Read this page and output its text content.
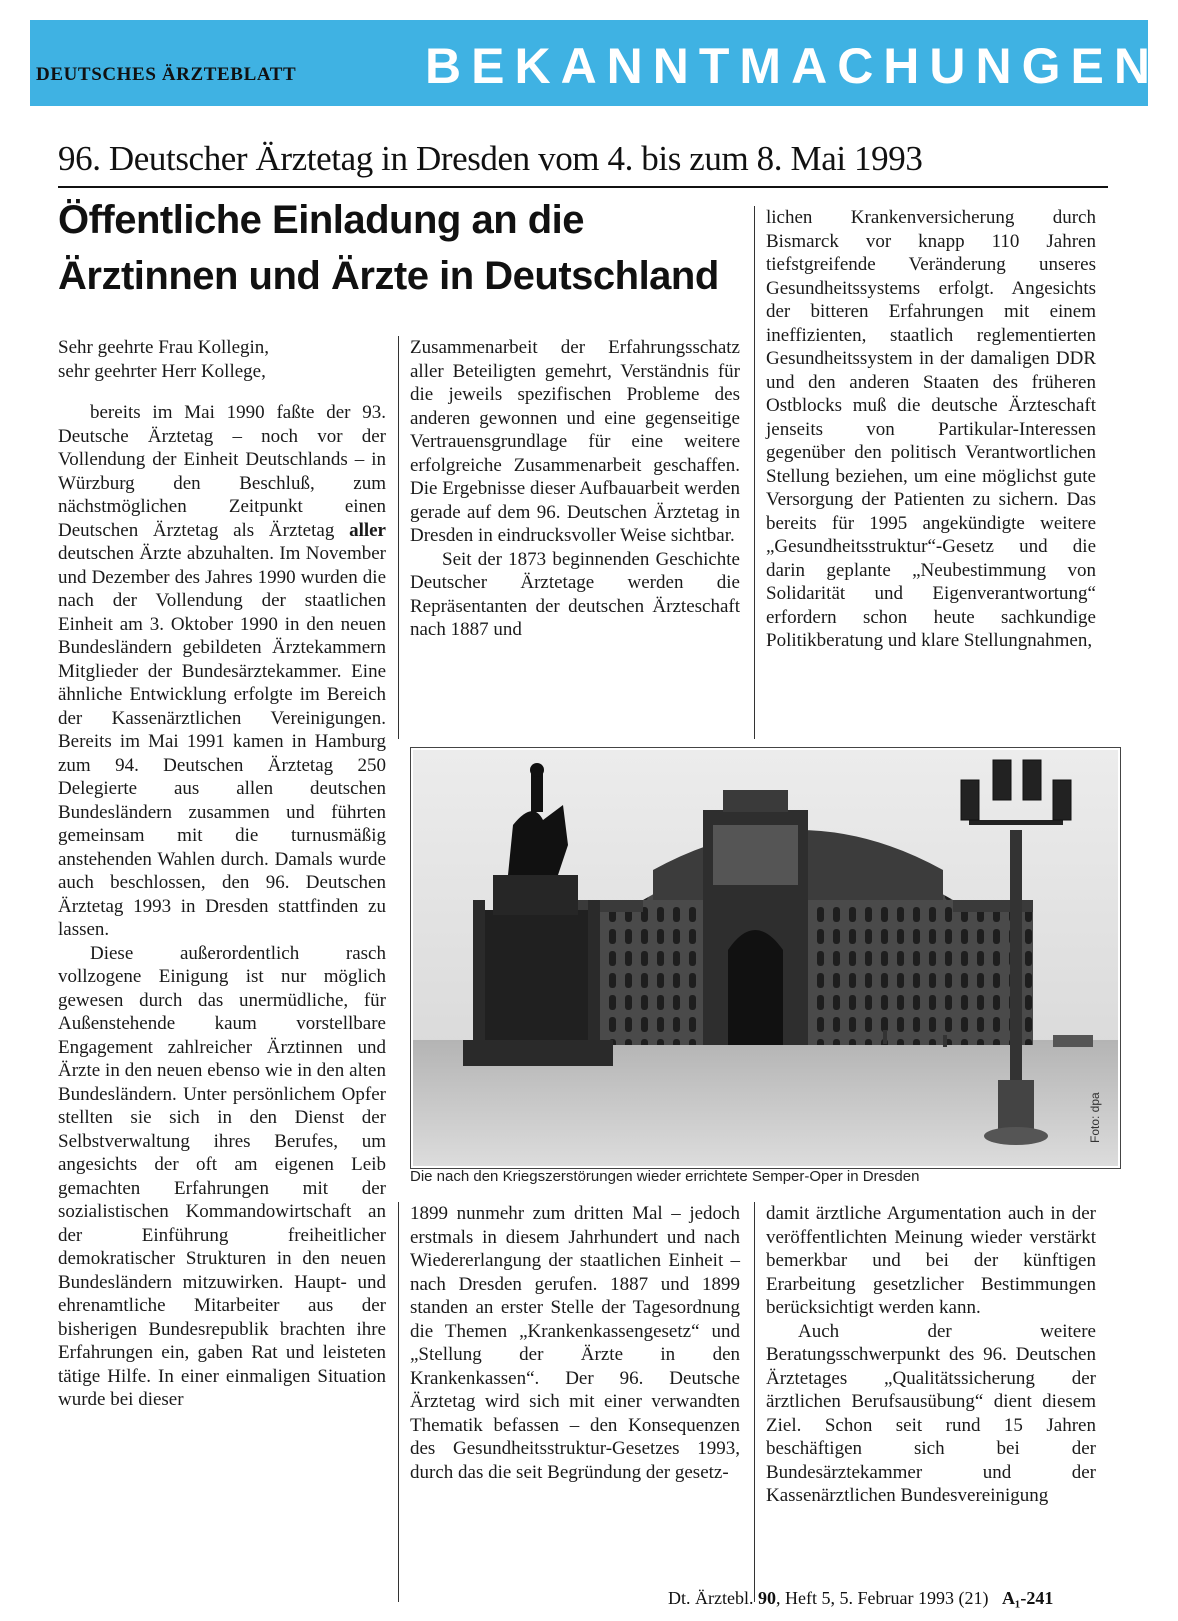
DEUTSCHES ÄRZTEBLATT	BEKANNTMACHUNGEN
96. Deutscher Ärztetag in Dresden vom 4. bis zum 8. Mai 1993
Öffentliche Einladung an die
Ärztinnen und Ärzte in Deutschland

Sehr geehrte Frau Kollegin,
sehr geehrter Herr Kollege,

bereits im Mai 1990 faßte der 93. Deutsche Ärztetag – noch vor der Vollendung der Einheit Deutschlands – in Würzburg den Beschluß, zum nächstmöglichen Zeitpunkt einen Deutschen Ärztetag als Ärztetag aller deutschen Ärzte abzuhalten. Im November und Dezember des Jahres 1990 wurden die nach der Vollendung der staatlichen Einheit am 3. Oktober 1990 in den neuen Bundesländern gebildeten Ärztekammern Mitglieder der Bundesärztekammer. Eine ähnliche Entwicklung erfolgte im Bereich der Kassenärztlichen Vereinigungen. Bereits im Mai 1991 kamen in Hamburg zum 94. Deutschen Ärztetag 250 Delegierte aus allen deutschen Bundesländern zusammen und führten gemeinsam mit die turnusmäßig anstehenden Wahlen durch. Damals wurde auch beschlossen, den 96. Deutschen Ärztetag 1993 in Dresden stattfinden zu lassen.

Diese außerordentlich rasch vollzogene Einigung ist nur möglich gewesen durch das unermüdliche, für Außenstehende kaum vorstellbare Engagement zahlreicher Ärztinnen und Ärzte in den neuen ebenso wie in den alten Bundesländern. Unter persönlichem Opfer stellten sie sich in den Dienst der Selbstverwaltung ihres Berufes, um angesichts der oft am eigenen Leib gemachten Erfahrungen mit der sozialistischen Kommandowirtschaft an der Einführung freiheitlicher demokratischer Strukturen in den neuen Bundesländern mitzuwirken. Haupt- und ehrenamtliche Mitarbeiter aus der bisherigen Bundesrepublik brachten ihre Erfahrungen ein, gaben Rat und leisteten tätige Hilfe. In einer einmaligen Situation wurde bei dieser

Zusammenarbeit der Erfahrungsschatz aller Beteiligten gemehrt, Verständnis für die jeweils spezifischen Probleme des anderen gewonnen und eine gegenseitige Vertrauensgrundlage für eine weitere erfolgreiche Zusammenarbeit geschaffen. Die Ergebnisse dieser Aufbauarbeit werden gerade auf dem 96. Deutschen Ärztetag in Dresden in eindrucksvoller Weise sichtbar.

Seit der 1873 beginnenden Geschichte Deutscher Ärztetage werden die Repräsentanten der deutschen Ärzteschaft nach 1887 und

lichen Krankenversicherung durch Bismarck vor knapp 110 Jahren tiefstgreifende Veränderung unseres Gesundheitssystems erfolgt. Angesichts der bitteren Erfahrungen mit einem ineffizienten, staatlich reglementierten Gesundheitssystem in der damaligen DDR und den anderen Staaten des früheren Ostblocks muß die deutsche Ärzteschaft jenseits von Partikular-Interessen gegenüber den politisch Verantwortlichen Stellung beziehen, um eine möglichst gute Versorgung der Patienten zu sichern. Das bereits für 1995 angekündigte weitere „Gesundheitsstruktur“-Gesetz und die darin geplante „Neubestimmung von Solidarität und Eigenverantwortung“ erfordern schon heute sachkundige Politikberatung und klare Stellungnahmen,

Die nach den Kriegszerstörungen wieder errichtete Semper-Oper in Dresden
Foto: dpa

1899 nunmehr zum dritten Mal – jedoch erstmals in diesem Jahrhundert und nach Wiedererlangung der staatlichen Einheit – nach Dresden gerufen. 1887 und 1899 standen an erster Stelle der Tagesordnung die Themen „Krankenkassengesetz“ und „Stellung der Ärzte in den Krankenkassen“. Der 96. Deutsche Ärztetag wird sich mit einer verwandten Thematik befassen – den Konsequenzen des Gesundheitsstruktur-Gesetzes 1993, durch das die seit Begründung der gesetz-

damit ärztliche Argumentation auch in der veröffentlichten Meinung wieder verstärkt bemerkbar und bei der künftigen Erarbeitung gesetzlicher Bestimmungen berücksichtigt werden kann.

Auch der weitere Beratungsschwerpunkt des 96. Deutschen Ärztetages „Qualitätssicherung der ärztlichen Berufsausübung“ dient diesem Ziel. Schon seit rund 15 Jahren beschäftigen sich bei der Bundesärztekammer und der Kassenärztlichen Bundesvereinigung

Dt. Ärztebl. 90, Heft 5, 5. Februar 1993 (21) A₁-241
